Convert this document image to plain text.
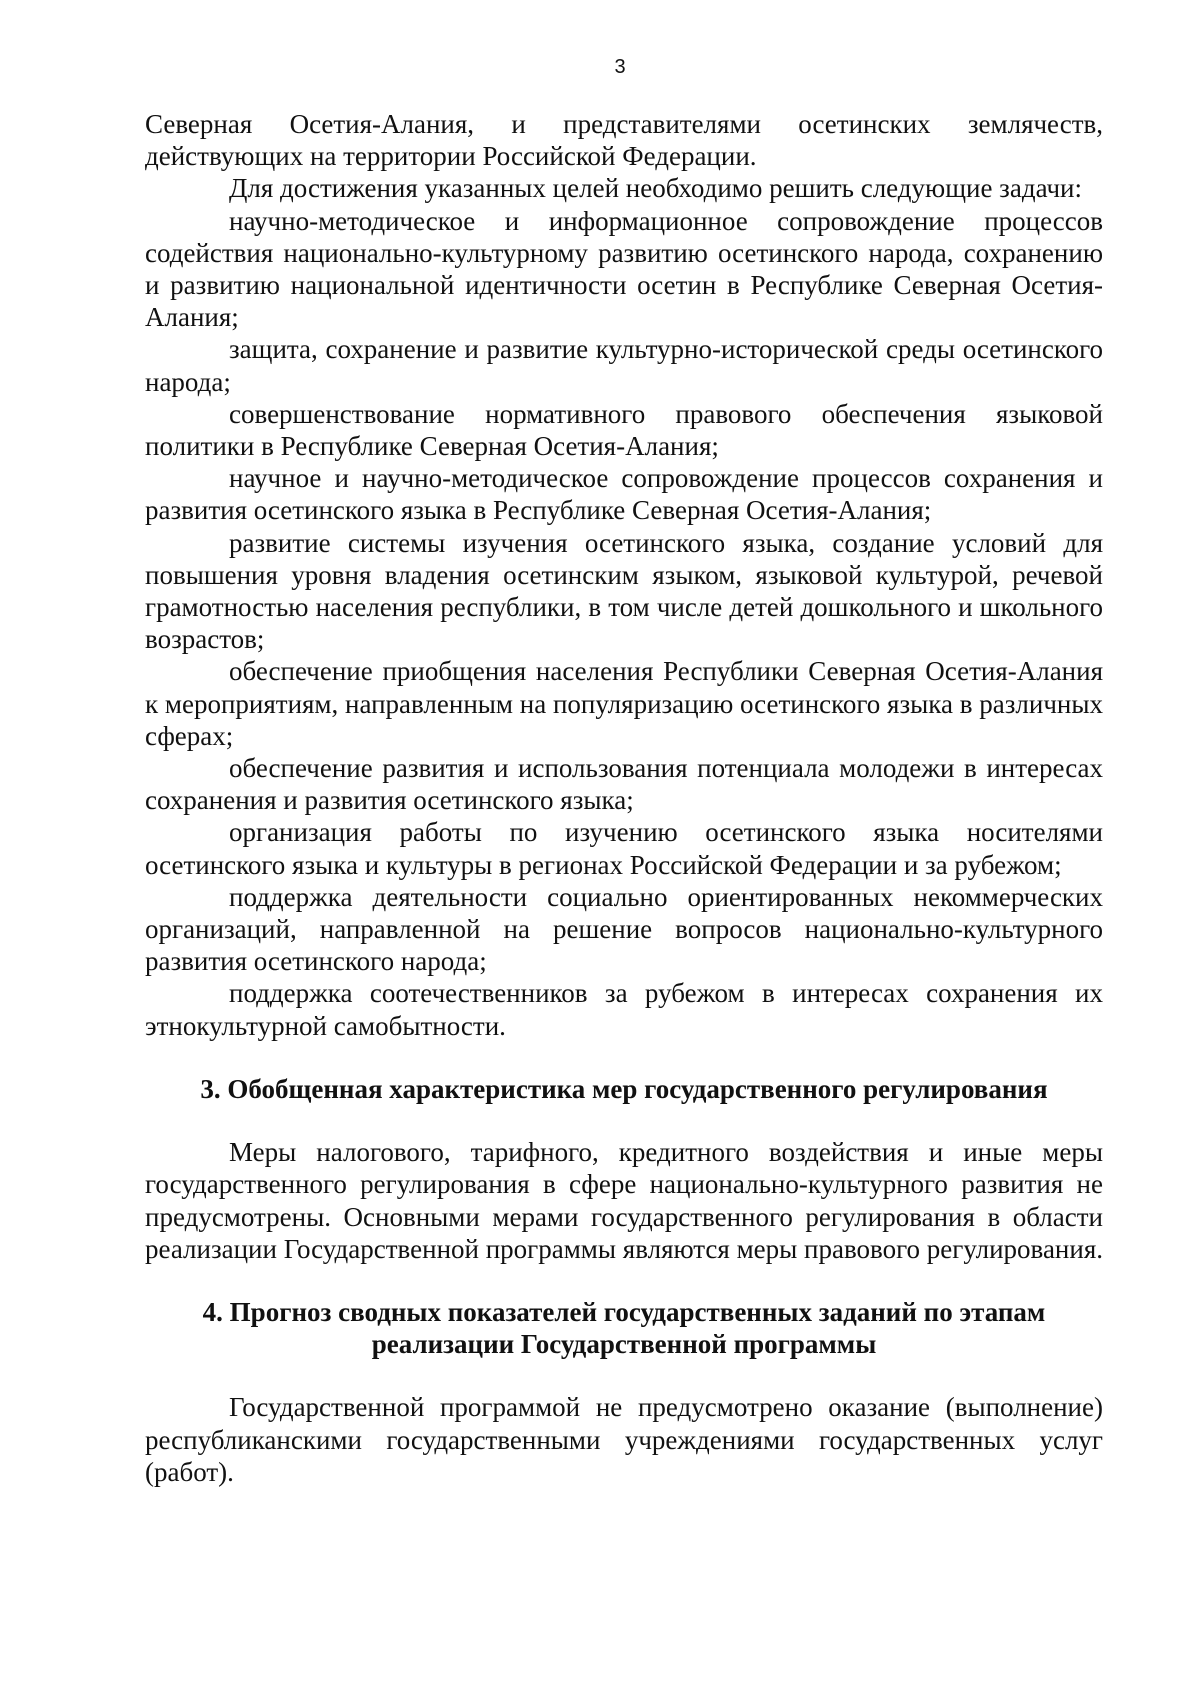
3

Северная Осетия-Алания, и представителями осетинских землячеств, действующих на территории Российской Федерации.

Для достижения указанных целей необходимо решить следующие задачи:

научно-методическое и информационное сопровождение процессов содействия национально-культурному развитию осетинского народа, сохранению и развитию национальной идентичности осетин в Республике Северная Осетия-Алания;

защита, сохранение и развитие культурно-исторической среды осетинского народа;

совершенствование нормативного правового обеспечения языковой политики в Республике Северная Осетия-Алания;

научное и научно-методическое сопровождение процессов сохранения и развития осетинского языка в Республике Северная Осетия-Алания;

развитие системы изучения осетинского языка, создание условий для повышения уровня владения осетинским языком, языковой культурой, речевой грамотностью населения республики, в том числе детей дошкольного и школьного возрастов;

обеспечение приобщения населения Республики Северная Осетия-Алания к мероприятиям, направленным на популяризацию осетинского языка в различных сферах;

обеспечение развития и использования потенциала молодежи в интересах сохранения и развития осетинского языка;

организация работы по изучению осетинского языка носителями осетинского языка и культуры в регионах Российской Федерации и за рубежом;

поддержка деятельности социально ориентированных некоммерческих организаций, направленной на решение вопросов национально-культурного развития осетинского народа;

поддержка соотечественников за рубежом в интересах сохранения их этнокультурной самобытности.

3. Обобщенная характеристика мер государственного регулирования

Меры налогового, тарифного, кредитного воздействия и иные меры государственного регулирования в сфере национально-культурного развития не предусмотрены. Основными мерами государственного регулирования в области реализации Государственной программы являются меры правового регулирования.

4. Прогноз сводных показателей государственных заданий по этапам
реализации Государственной программы

Государственной программой не предусмотрено оказание (выполнение) республиканскими государственными учреждениями государственных услуг (работ).
